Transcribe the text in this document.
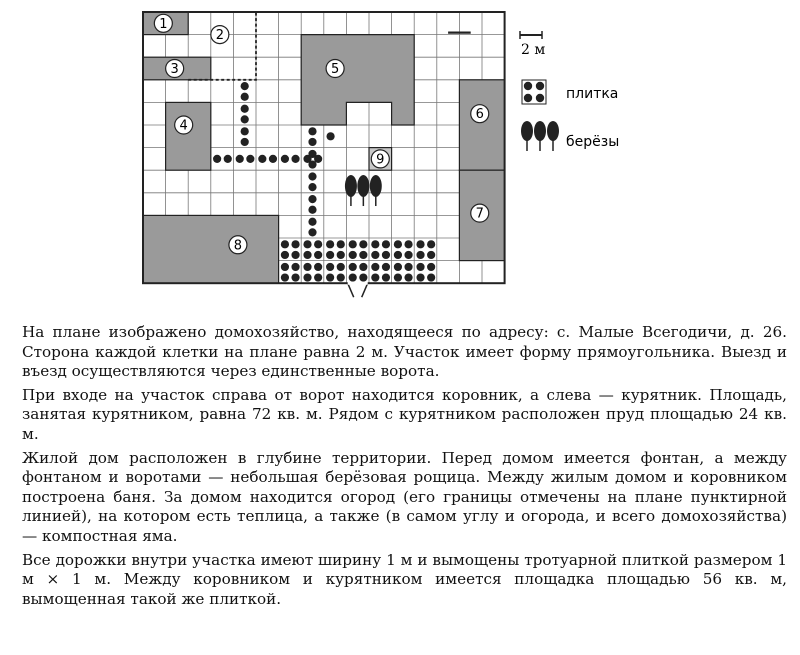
1
2
3
4
5
6
7
8
9
2 м
плитка
берёзы

На плане изображено домохозяйство, находящееся по адресу: с. Малые Всегодичи, д. 26. Сторона каждой клетки на плане равна 2 м. Участок имеет форму прямоугольника. Выезд и въезд осуществляются через единственные ворота.

При входе на участок справа от ворот находится коровник, а слева — курятник. Площадь, занятая курятником, равна 72 кв. м. Рядом с курятником расположен пруд площадью 24 кв. м.

Жилой дом расположен в глубине территории. Перед домом имеется фонтан, а между фонтаном и воротами — небольшая берёзовая рощица. Между жилым домом и коровником построена баня. За домом находится огород (его границы отмечены на плане пунктирной линией), на котором есть теплица, а также (в самом углу и огорода, и всего домохозяйства) — компостная яма.

Все дорожки внутри участка имеют ширину 1 м и вымощены тротуарной плиткой размером 1 м × 1 м. Между коровником и курятником имеется площадка площадью 56 кв. м, вымощенная такой же плиткой.
